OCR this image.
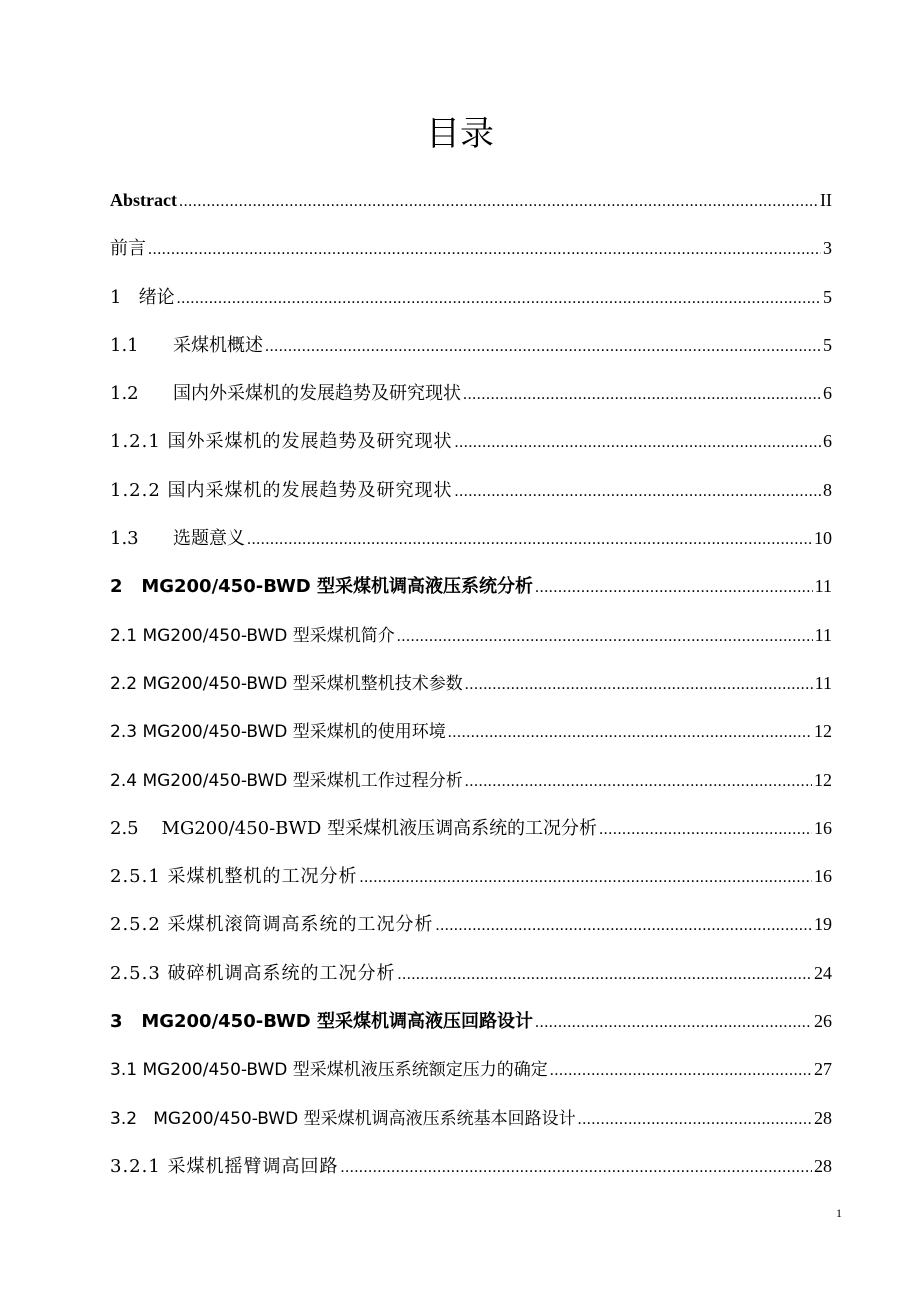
目录
Abstract .....	II
前言 .....	3
1   绪论 .....	5
1.1      采煤机概述 .....	5
1.2      国内外采煤机的发展趋势及研究现状 .....	6
1.2.1 国外采煤机的发展趋势及研究现状 .....	6
1.2.2 国内采煤机的发展趋势及研究现状 .....	8
1.3      选题意义 .....	10
2   MG200/450-BWD 型采煤机调高液压系统分析 .....	11
2.1 MG200/450-BWD 型采煤机简介 .....	11
2.2 MG200/450-BWD 型采煤机整机技术参数 .....	11
2.3 MG200/450-BWD 型采煤机的使用环境 .....	12
2.4 MG200/450-BWD 型采煤机工作过程分析 .....	12
2.5    MG200/450-BWD 型采煤机液压调高系统的工况分析 .....	16
2.5.1 采煤机整机的工况分析 .....	16
2.5.2 采煤机滚筒调高系统的工况分析 .....	19
2.5.3 破碎机调高系统的工况分析 .....	24
3   MG200/450-BWD 型采煤机调高液压回路设计 .....	26
3.1 MG200/450-BWD 型采煤机液压系统额定压力的确定 .....	27
3.2   MG200/450-BWD 型采煤机调高液压系统基本回路设计 .....	28
3.2.1 采煤机摇臂调高回路 .....	28
1
